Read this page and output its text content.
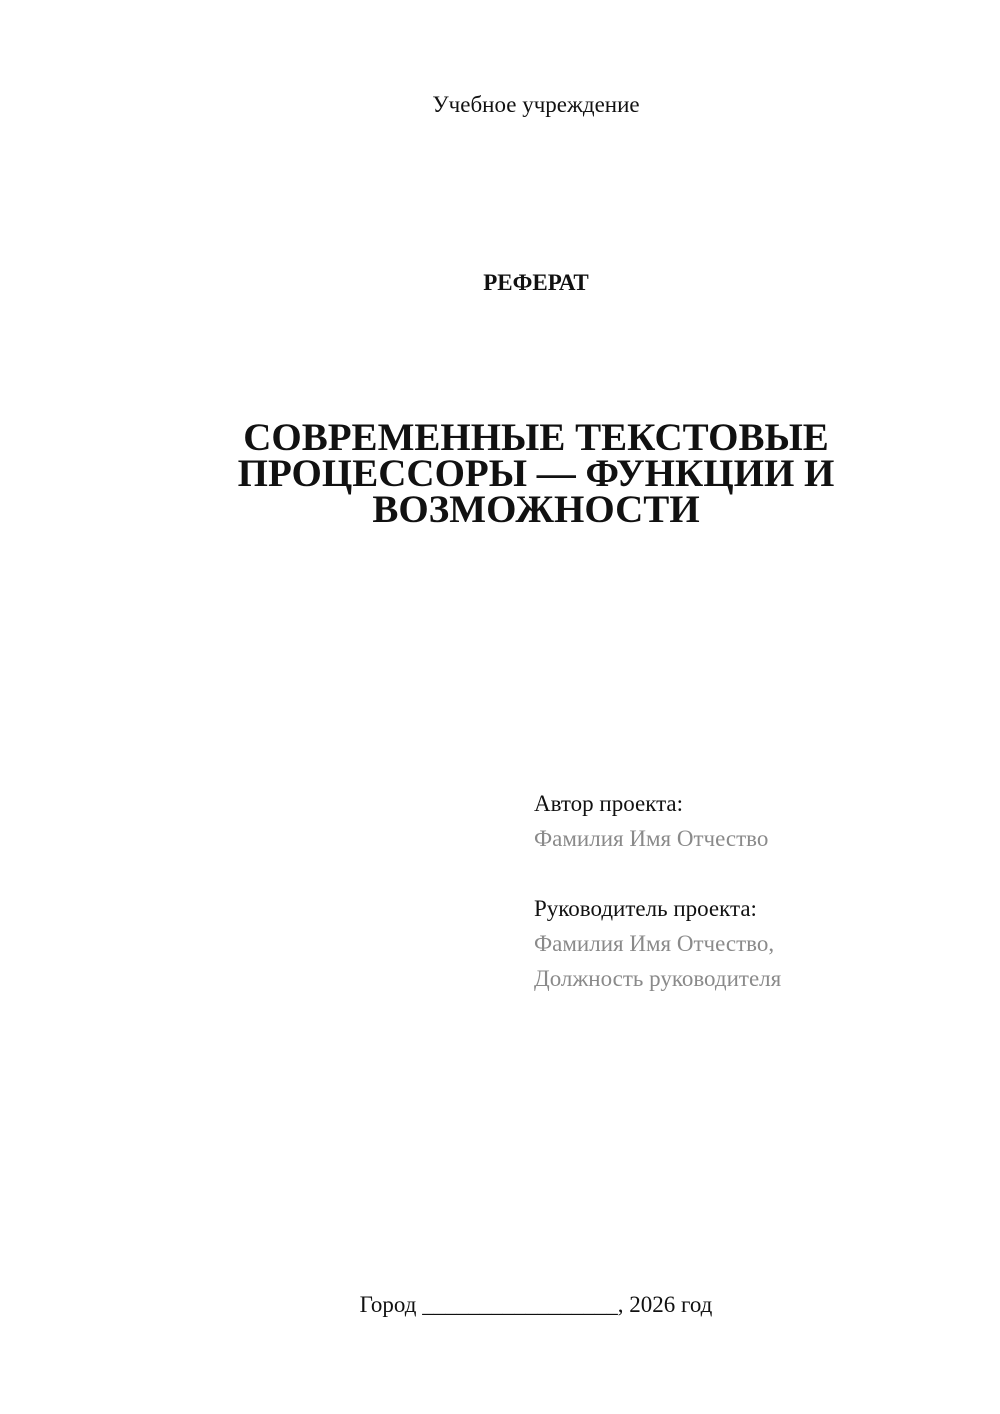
Учебное учреждение
РЕФЕРАТ
СОВРЕМЕННЫЕ ТЕКСТОВЫЕ
ПРОЦЕССОРЫ — ФУНКЦИИ И
ВОЗМОЖНОСТИ
Автор проекта:
Фамилия Имя Отчество
Руководитель проекта:
Фамилия Имя Отчество,
Должность руководителя
Город _________________, 2026 год
